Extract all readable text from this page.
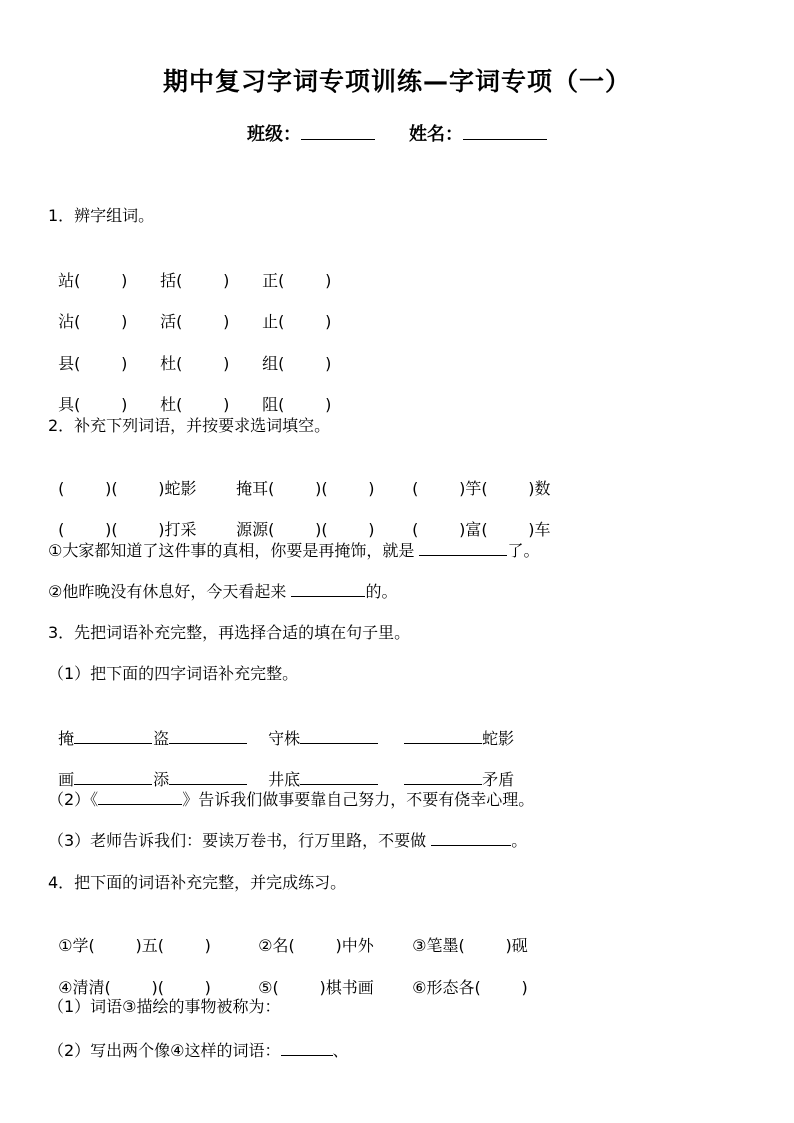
期中复习字词专项训练—字词专项（一）
班级：	姓名：
1．辨字组词。

站(        ) 括(        ) 正(        )

沾(        ) 活(        ) 止(        )

县(        ) 杜(        ) 组(        )

具(        ) 杜(        ) 阻(        )

2．补充下列词语，并按要求选词填空。

(        )(        )蛇影 掩耳(        )(        ) (        )竽(        )数

(        )(        )打采 源源(        )(        ) (        )富(        )车

①大家都知道了这件事的真相，你要是再掩饰，就是	了。
②他昨晚没有休息好，今天看起来	的。
3．先把词语补充完整，再选择合适的填在句子里。
（1）把下面的四字词语补充完整。

掩	盗	守株	蛇影

画	添	井底	矛盾

（2）《	》告诉我们做事要靠自己努力，不要有侥幸心理。
（3）老师告诉我们：要读万卷书，行万里路，不要做	。
4．把下面的词语补充完整，并完成练习。

①学(        )五(        )	②名(        )中外 ③笔墨(        )砚

④清清(        )(        )	⑤(        )棋书画 ⑥形态各(        )

（1）词语③描绘的事物被称为：
（2）写出两个像④这样的词语：	、
